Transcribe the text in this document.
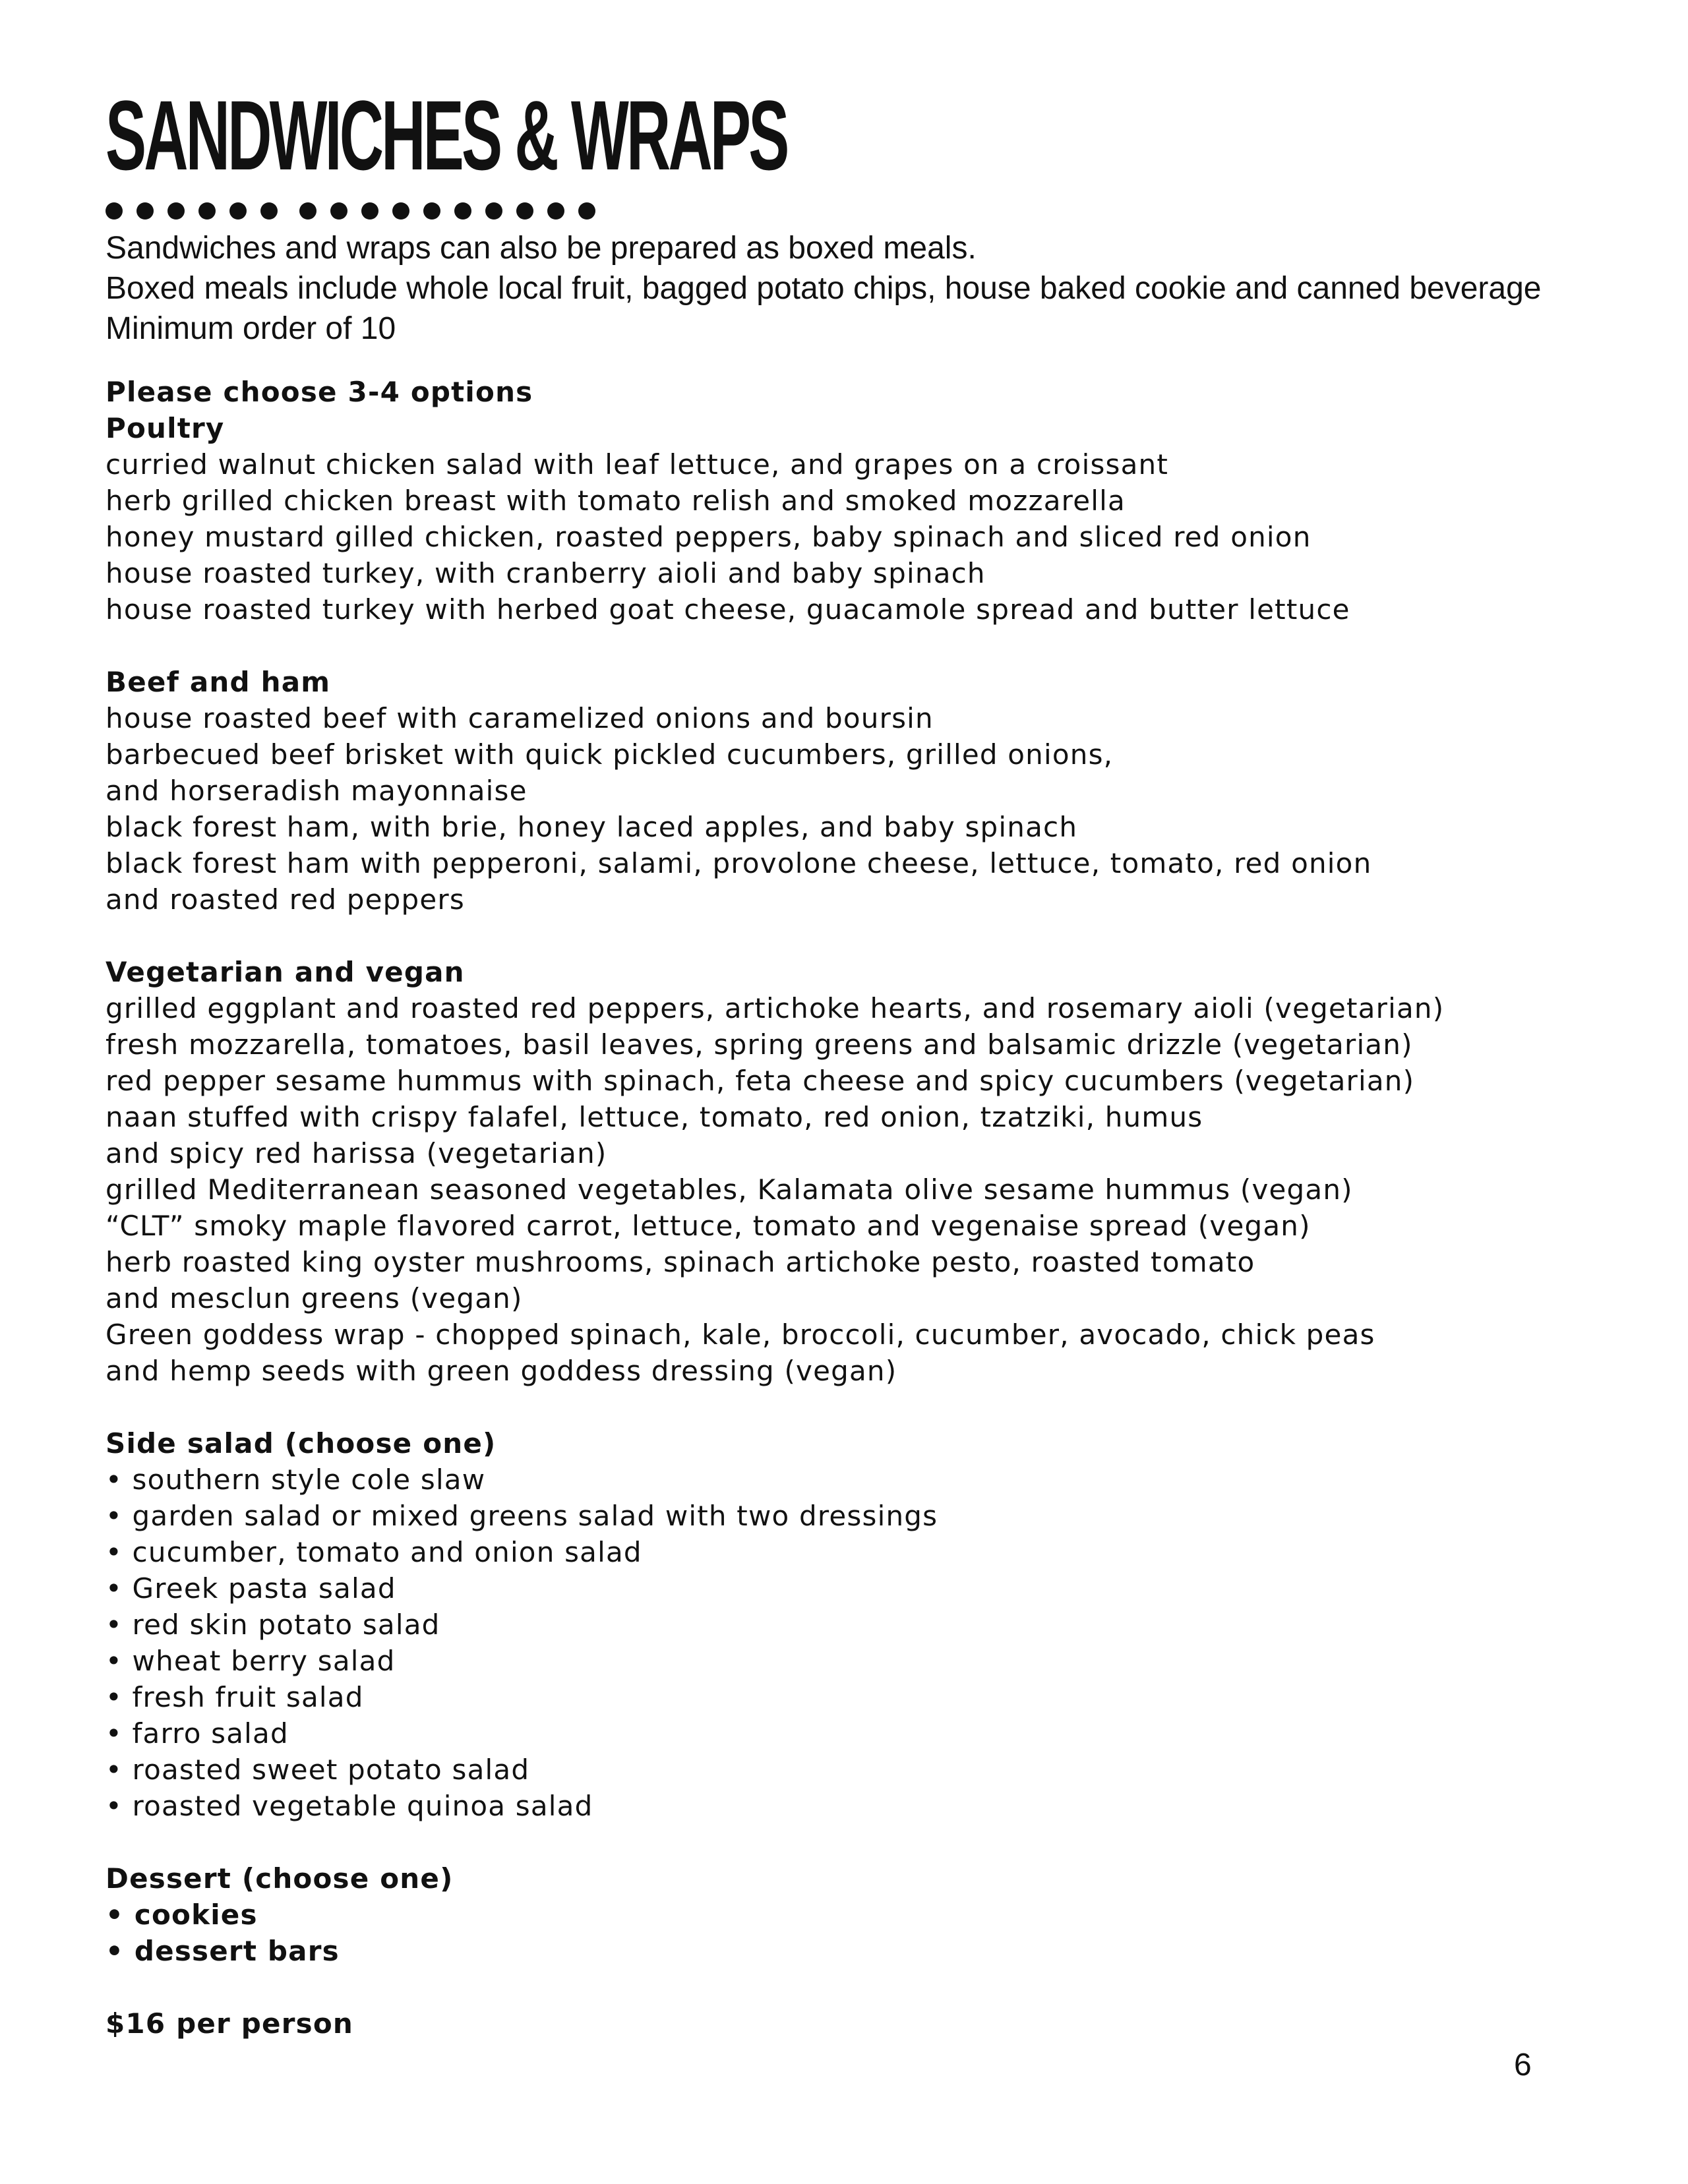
SANDWICHES & WRAPS
Sandwiches and wraps can also be prepared as boxed meals.
Boxed meals include whole local fruit, bagged potato chips, house baked cookie and canned beverage
Minimum order of 10
Please choose 3-4 options
Poultry
curried walnut chicken salad with leaf lettuce, and grapes on a croissant
herb grilled chicken breast with tomato relish and smoked mozzarella
honey mustard gilled chicken, roasted peppers, baby spinach and sliced red onion
house roasted turkey, with cranberry aioli and baby spinach
house roasted turkey with herbed goat cheese, guacamole spread and butter lettuce
Beef and ham
house roasted beef with caramelized onions and boursin
barbecued beef brisket with quick pickled cucumbers, grilled onions,
and horseradish mayonnaise
black forest ham, with brie, honey laced apples, and baby spinach
black forest ham with pepperoni, salami, provolone cheese, lettuce, tomato, red onion
and roasted red peppers
Vegetarian and vegan
grilled eggplant and roasted red peppers, artichoke hearts, and rosemary aioli (vegetarian)
fresh mozzarella, tomatoes, basil leaves, spring greens and balsamic drizzle (vegetarian)
red pepper sesame hummus with spinach, feta cheese and spicy cucumbers (vegetarian)
naan stuffed with crispy falafel, lettuce, tomato, red onion, tzatziki, humus
and spicy red harissa (vegetarian)
grilled Mediterranean seasoned vegetables, Kalamata olive sesame hummus (vegan)
“CLT” smoky maple flavored carrot, lettuce, tomato and vegenaise spread (vegan)
herb roasted king oyster mushrooms, spinach artichoke pesto, roasted tomato
and mesclun greens (vegan)
Green goddess wrap - chopped spinach, kale, broccoli, cucumber, avocado, chick peas
and hemp seeds with green goddess dressing (vegan)
Side salad (choose one)
• southern style cole slaw
• garden salad or mixed greens salad with two dressings
• cucumber, tomato and onion salad
• Greek pasta salad
• red skin potato salad
• wheat berry salad
• fresh fruit salad
• farro salad
• roasted sweet potato salad
• roasted vegetable quinoa salad
Dessert (choose one)
• cookies
• dessert bars
$16 per person
6
